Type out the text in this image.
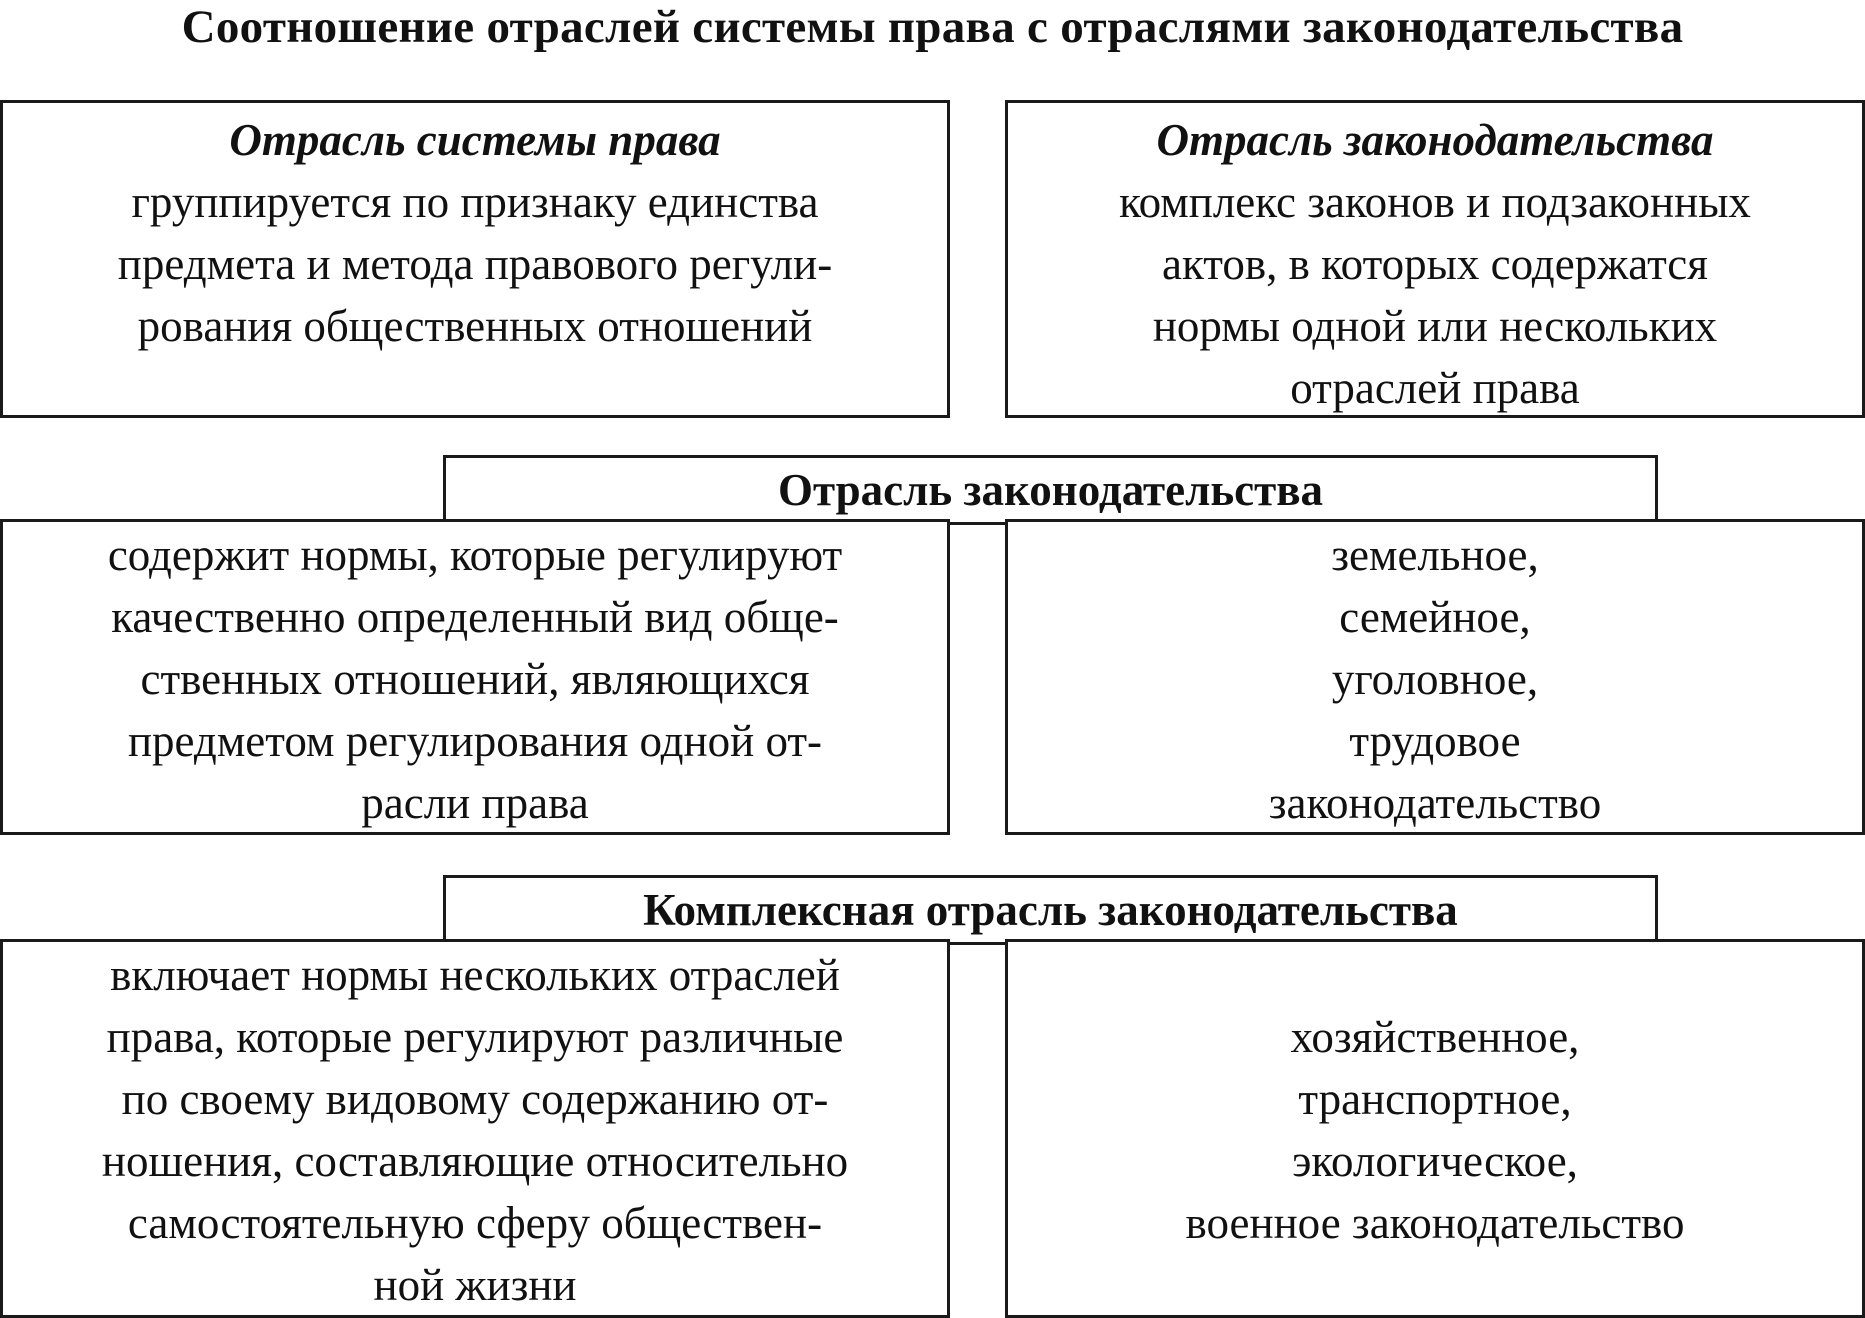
Соотношение отраслей системы права с отраслями законодательства
Отрасль системы права
группируется по признаку единства
предмета и метода правового регули-
рования общественных отношений
Отрасль законодательства
комплекс законов и подзаконных
актов, в которых содержатся
нормы одной или нескольких
отраслей права
Отрасль законодательства
содержит нормы, которые регулируют
качественно определенный вид обще-
ственных отношений, являющихся
предметом регулирования одной от-
расли права
земельное,
семейное,
уголовное,
трудовое
законодательство
Комплексная отрасль законодательства
включает нормы нескольких отраслей
права, которые регулируют различные
по своему видовому содержанию от-
ношения, составляющие относительно
самостоятельную сферу обществен-
ной жизни
хозяйственное,
транспортное,
экологическое,
военное законодательство
